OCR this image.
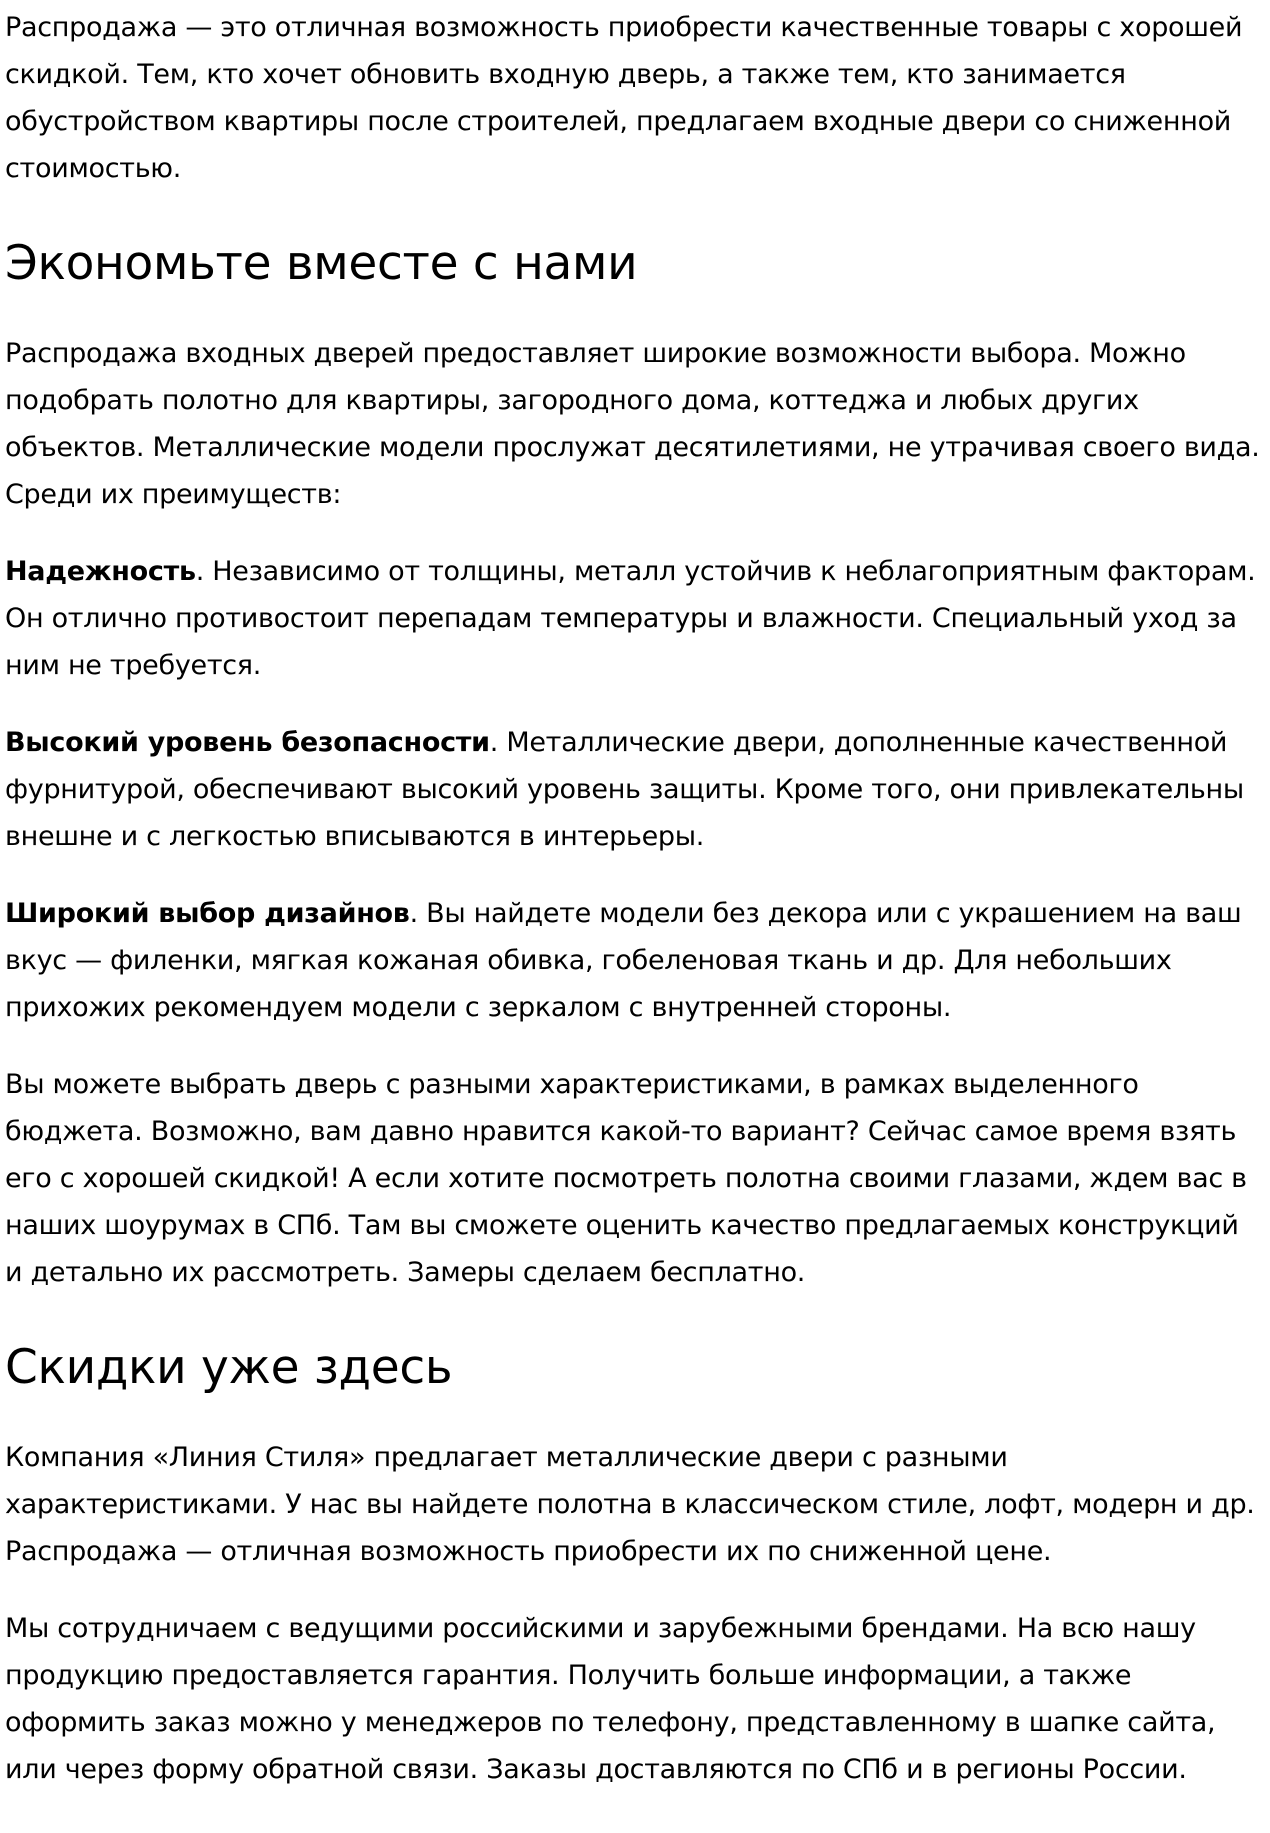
Распродажа — это отличная возможность приобрести качественные товары с хорошей скидкой. Тем, кто хочет обновить входную дверь, а также тем, кто занимается обустройством квартиры после строителей, предлагаем входные двери со сниженной стоимостью.

Экономьте вместе с нами

Распродажа входных дверей предоставляет широкие возможности выбора. Можно подобрать полотно для квартиры, загородного дома, коттеджа и любых других объектов. Металлические модели прослужат десятилетиями, не утрачивая своего вида. Среди их преимуществ:

Надежность. Независимо от толщины, металл устойчив к неблагоприятным факторам. Он отлично противостоит перепадам температуры и влажности. Специальный уход за ним не требуется.

Высокий уровень безопасности. Металлические двери, дополненные качественной фурнитурой, обеспечивают высокий уровень защиты. Кроме того, они привлекательны внешне и с легкостью вписываются в интерьеры.

Широкий выбор дизайнов. Вы найдете модели без декора или с украшением на ваш вкус — филенки, мягкая кожаная обивка, гобеленовая ткань и др. Для небольших прихожих рекомендуем модели с зеркалом с внутренней стороны.

Вы можете выбрать дверь с разными характеристиками, в рамках выделенного бюджета. Возможно, вам давно нравится какой-то вариант? Сейчас самое время взять его с хорошей скидкой! А если хотите посмотреть полотна своими глазами, ждем вас в наших шоурумах в СПб. Там вы сможете оценить качество предлагаемых конструкций и детально их рассмотреть. Замеры сделаем бесплатно.

Скидки уже здесь

Компания «Линия Стиля» предлагает металлические двери с разными характеристиками. У нас вы найдете полотна в классическом стиле, лофт, модерн и др. Распродажа — отличная возможность приобрести их по сниженной цене.

Мы сотрудничаем с ведущими российскими и зарубежными брендами. На всю нашу продукцию предоставляется гарантия. Получить больше информации, а также оформить заказ можно у менеджеров по телефону, представленному в шапке сайта, или через форму обратной связи. Заказы доставляются по СПб и в регионы России.
